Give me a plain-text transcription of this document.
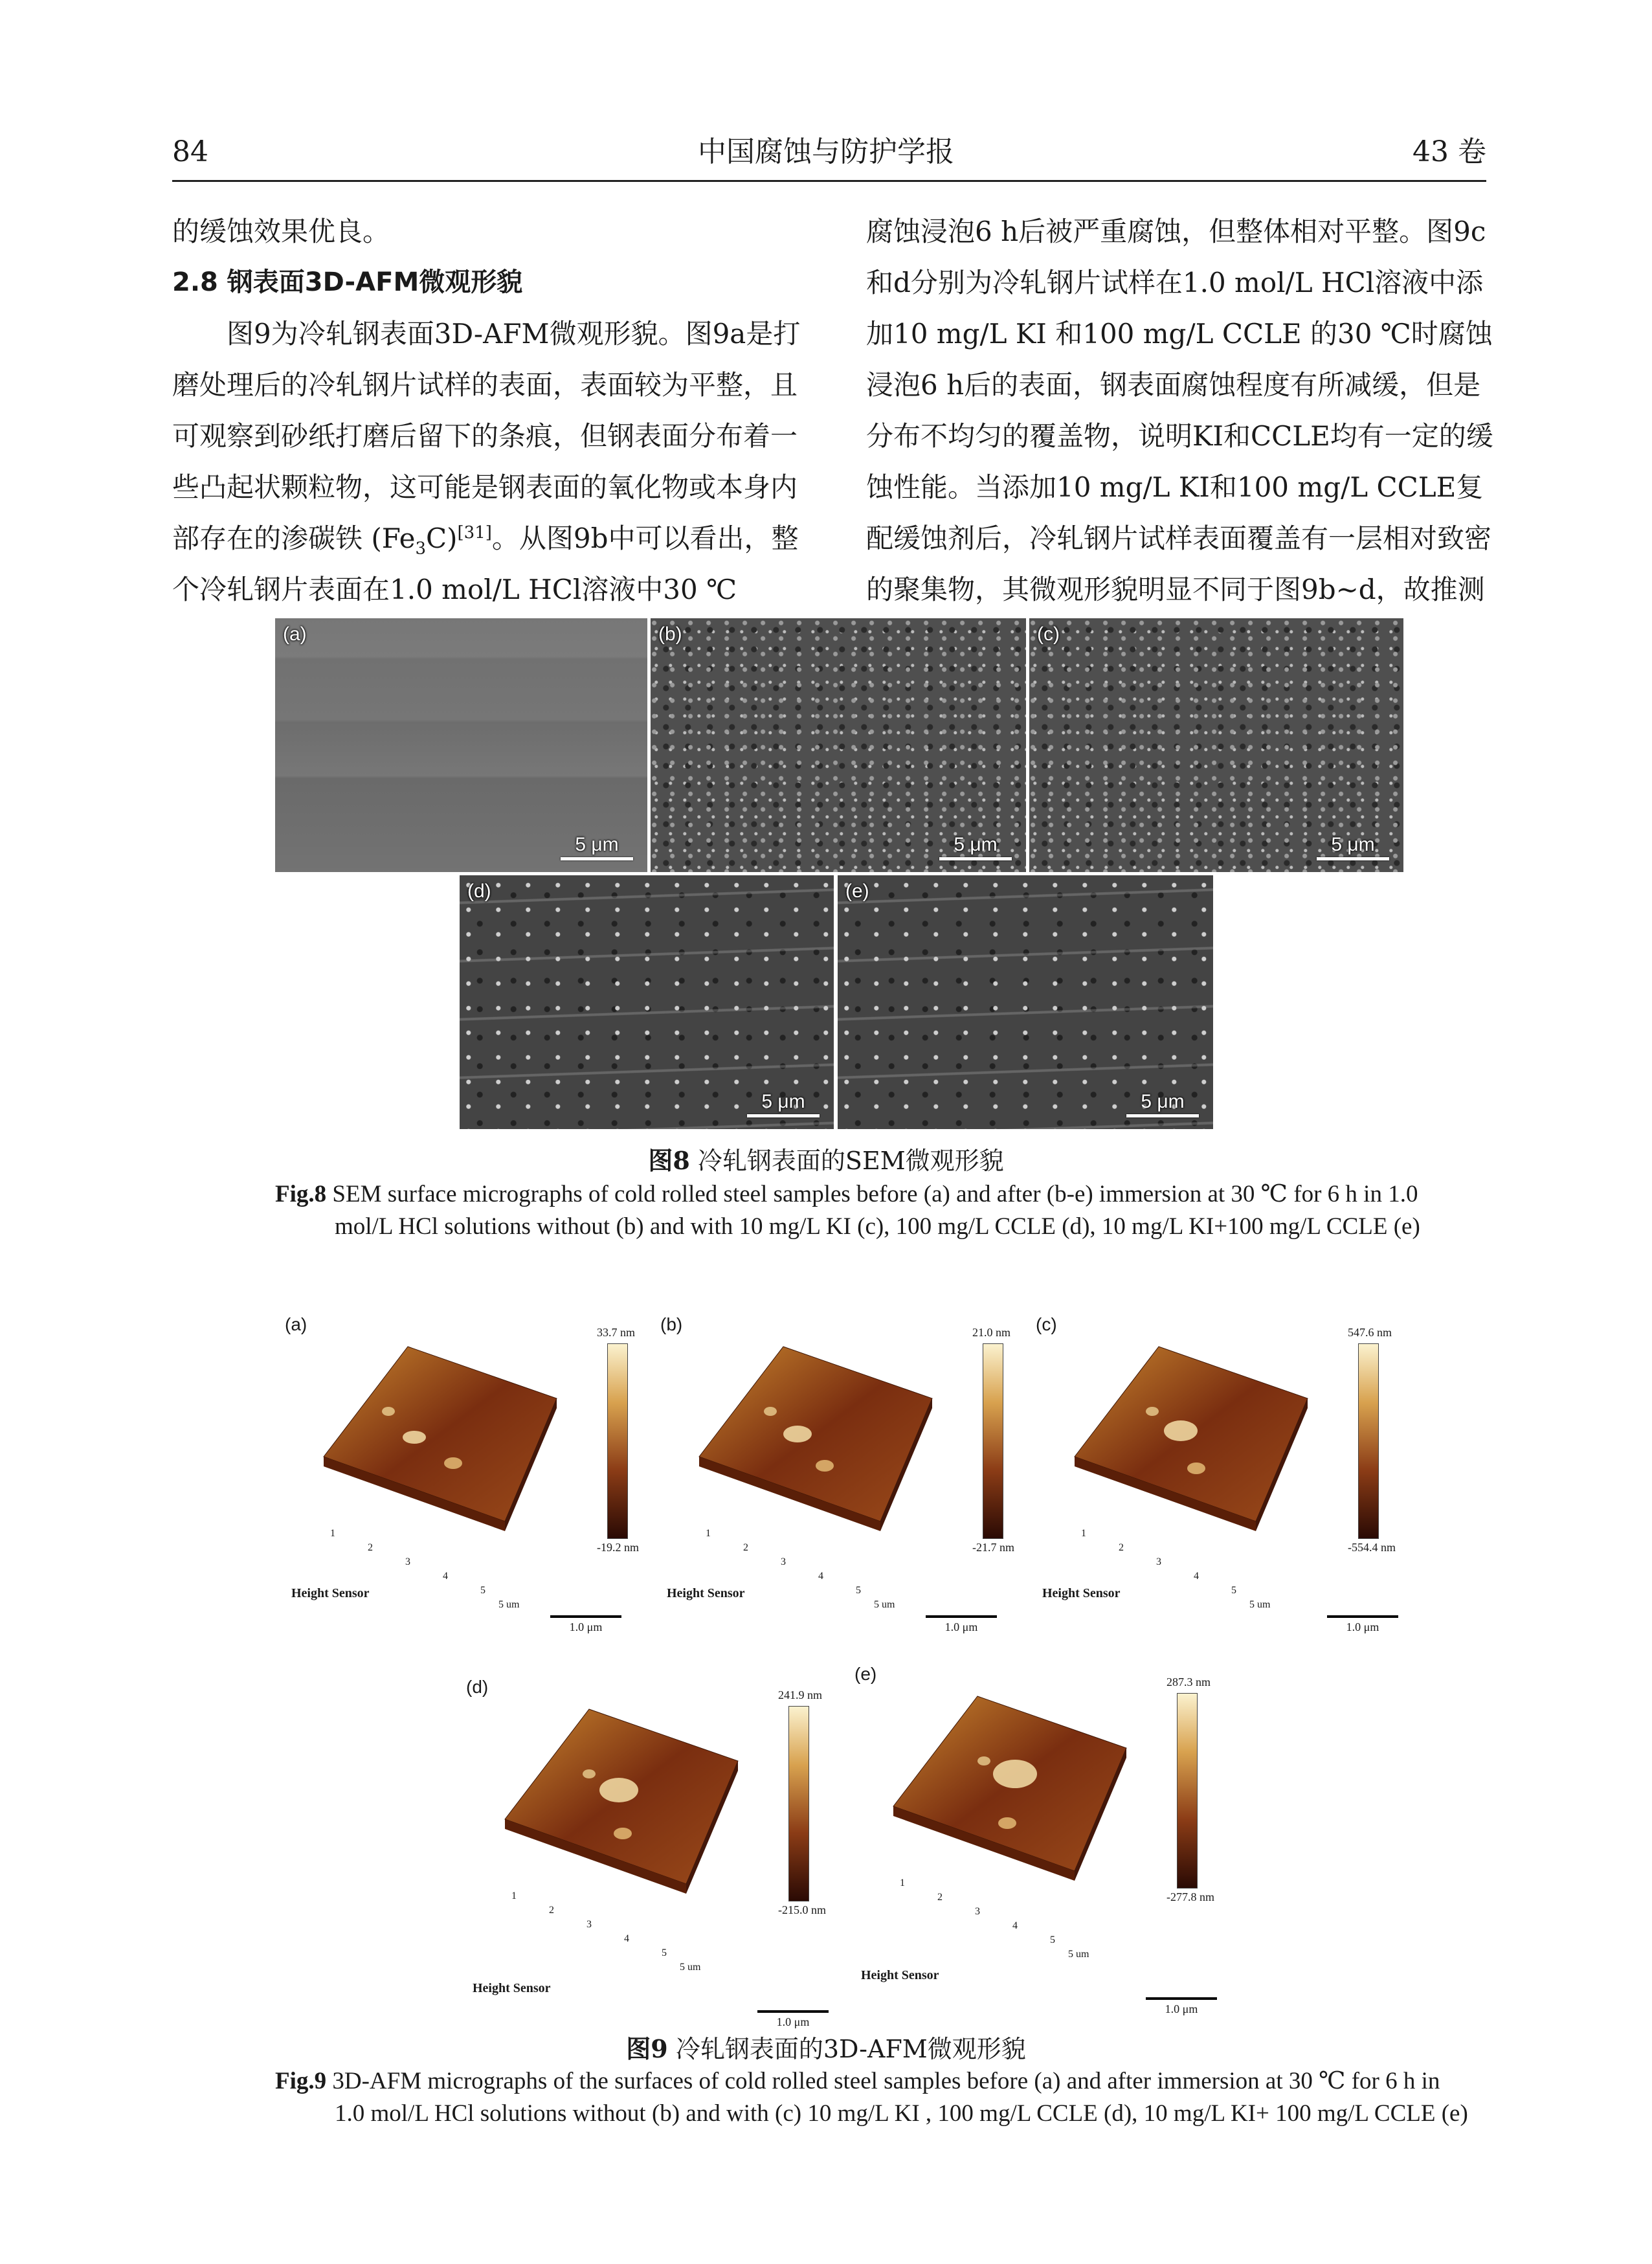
84	中国腐蚀与防护学报	43 卷

的缓蚀效果优良。

2.8 钢表面3D-AFM微观形貌

图9为冷轧钢表面3D-AFM微观形貌。图9a是打磨处理后的冷轧钢片试样的表面，表面较为平整，且可观察到砂纸打磨后留下的条痕，但钢表面分布着一些凸起状颗粒物，这可能是钢表面的氧化物或本身内部存在的渗碳铁 $(Fe_3C)[31]$。从图9b中可以看出，整个冷轧钢片表面在1.0 mol/L HCl溶液中30 ℃

腐蚀浸泡6 h后被严重腐蚀，但整体相对平整。图9c和d分别为冷轧钢片试样在1.0 mol/L HCl溶液中添加10 mg/L KI 和100 mg/L CCLE 的30 ℃时腐蚀浸泡6 h后的表面，钢表面腐蚀程度有所减缓，但是分布不均匀的覆盖物，说明KI和CCLE均有一定的缓蚀性能。当添加10 mg/L KI和100 mg/L CCLE复配缓蚀剂后，冷轧钢片试样表面覆盖有一层相对致密的聚集物，其微观形貌明显不同于图9b~d，故推测

(a)
5 μm
(b)
5 μm
(c)
5 μm
(d)
5 μm
(e)
5 μm
图8 冷轧钢表面的SEM微观形貌
Fig.8 SEM surface micrographs of cold rolled steel samples before (a) and after (b-e) immersion at 30 ℃ for 6 h in 1.0 mol/L HCl solutions without (b) and with 10 mg/L KI (c), 100 mg/L CCLE (d), 10 mg/L KI+100 mg/L CCLE (e)
(a)
1
2
3
4
5
5 um
33.7 nm
-19.2 nm
Height Sensor
1.0 μm
(b)
1
2
3
4
5
5 um
21.0 nm
-21.7 nm
Height Sensor
1.0 μm
(c)
1
2
3
4
5
5 um
547.6 nm
-554.4 nm
Height Sensor
1.0 μm
(d)
1
2
3
4
5
5 um
241.9 nm
-215.0 nm
Height Sensor
1.0 μm
(e)
1
2
3
4
5
5 um
287.3 nm
-277.8 nm
Height Sensor
1.0 μm
图9 冷轧钢表面的3D-AFM微观形貌
Fig.9 3D-AFM micrographs of the surfaces of cold rolled steel samples before (a) and after immersion at 30 ℃ for 6 h in 1.0 mol/L HCl solutions without (b) and with (c) 10 mg/L KI , 100 mg/L CCLE (d), 10 mg/L KI+ 100 mg/L CCLE (e)
